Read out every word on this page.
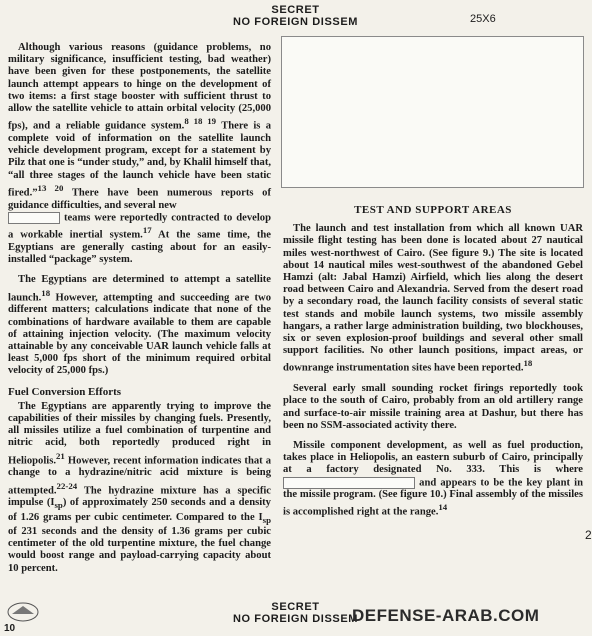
SECRET
NO FOREIGN DISSEM	25X6

Although various reasons (guidance problems, no military significance, insufficient testing, bad weather) have been given for these postponements, the satellite launch attempt appears to hinge on the development of two items: a first stage booster with sufficient thrust to allow the satellite vehicle to attain orbital velocity (25,000 fps), and a reliable guidance system.$^{8 18 19}$ There is a complete void of information on the satellite launch vehicle development program, except for a statement by Pilz that one is “under study,” and, by Khalil himself that, “all three stages of the launch vehicle have been static fired.”$^{13 20}$ There have been numerous reports of guidance difficulties, and several new
teams were reportedly contracted to develop a workable inertial system.$^{17}$ At the same time, the Egyptians are generally casting about for an easily-installed “package” system.

The Egyptians are determined to attempt a satellite launch.$^{18}$ However, attempting and succeeding are two different matters; calculations indicate that none of the combinations of hardware available to them are capable of attaining injection velocity. (The maximum velocity attainable by any conceivable UAR launch vehicle falls at least 5,000 fps short of the minimum required orbital velocity of 25,000 fps.)

Fuel Conversion Efforts

The Egyptians are apparently trying to improve the capabilities of their missiles by changing fuels. Presently, all missiles utilize a fuel combination of turpentine and nitric acid, both reportedly produced right in Heliopolis.$^{21}$ However, recent information indicates that a change to a hydrazine/nitric acid mixture is being attempted.$^{22-24}$ The hydrazine mixture has a specific impulse $(I_{sp})$ of approximately 250 seconds and a density of 1.26 grams per cubic centimeter. Compared to the $I_{sp}$ of 231 seconds and the density of 1.36 grams per cubic centimeter of the old turpentine mixture, the fuel change would boost range and payload-carrying capacity about 10 percent.

TEST AND SUPPORT AREAS

The launch and test installation from which all known UAR missile flight testing has been done is located about 27 nautical miles west-northwest of Cairo. (See figure 9.) The site is located about 14 nautical miles west-southwest of the abandoned Gebel Hamzi (alt: Jabal Hamzi) Airfield, which lies along the desert road between Cairo and Alexandria. Served from the desert road by a secondary road, the launch facility consists of several static test stands and mobile launch systems, two missile assembly hangars, a rather large administration building, two blockhouses, six or seven explosion-proof buildings and several other small support facilities. No other launch positions, impact areas, or downrange instrumentation sites have been reported.$^{18}$

Several early small sounding rocket firings reportedly took place to the south of Cairo, probably from an old artillery range and surface-to-air missile training area at Dashur, but there has been no SSM-associated activity there.

Missile component development, as well as fuel production, takes place in Heliopolis, an eastern suburb of Cairo, principally at a factory designated No. 333. This is where and appears to be the key plant in the missile program. (See figure 10.) Final assembly of the missiles is accomplished right at the range.$^{14}$

2
SECRET
NO FOREIGN DISSEM
10
DEFENSE-ARAB.COM
